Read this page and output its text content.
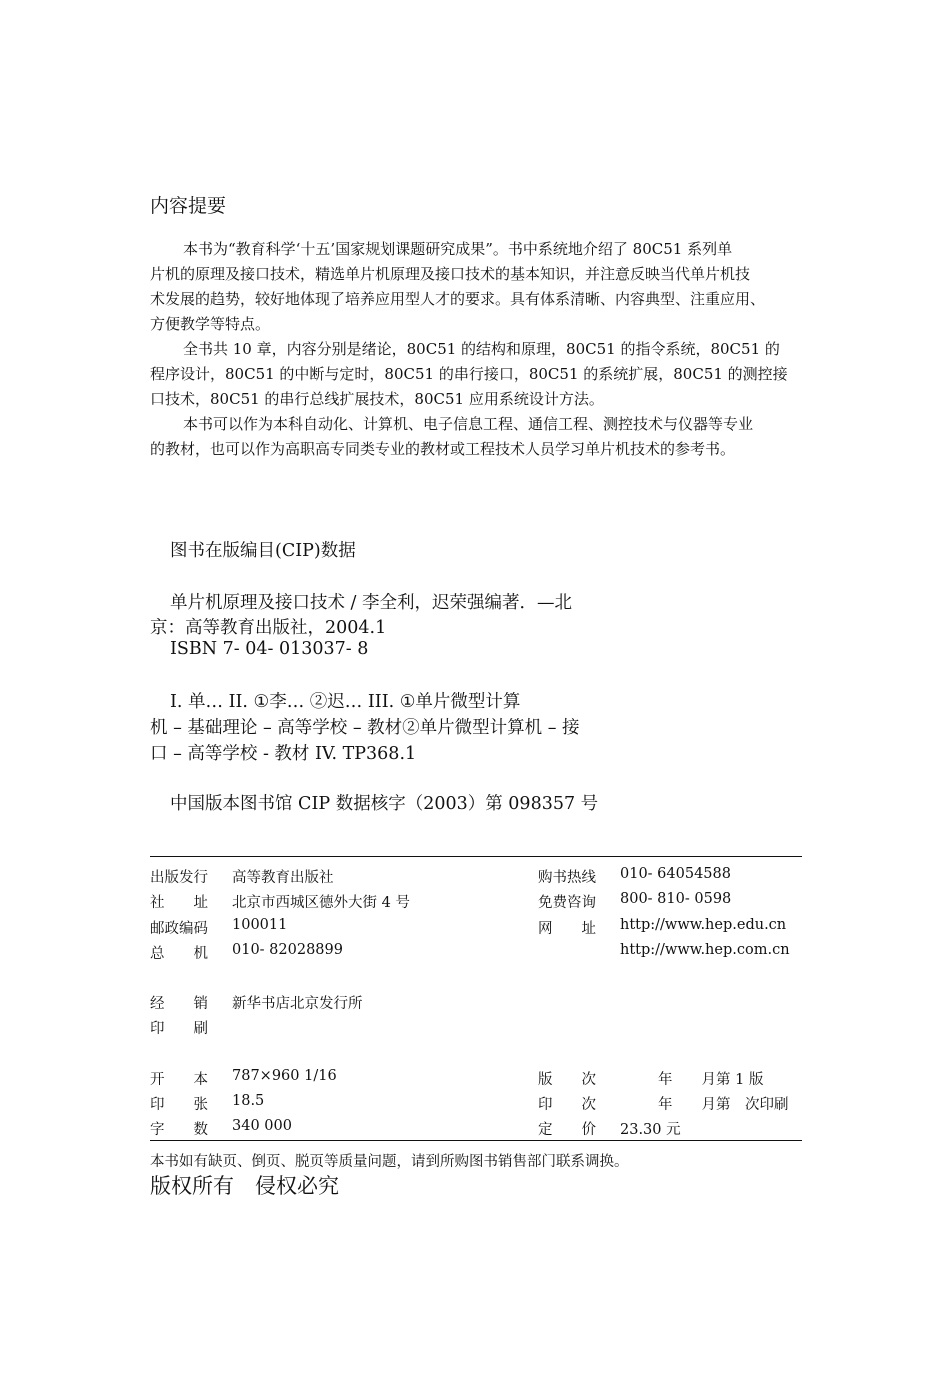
内容提要
本书为“教育科学‘十五’国家规划课题研究成果”。书中系统地介绍了 80C51 系列单
片机的原理及接口技术，精选单片机原理及接口技术的基本知识，并注意反映当代单片机技
术发展的趋势，较好地体现了培养应用型人才的要求。具有体系清晰、内容典型、注重应用、
方便教学等特点。
全书共 10 章，内容分别是绪论，80C51 的结构和原理，80C51 的指令系统，80C51 的
程序设计，80C51 的中断与定时，80C51 的串行接口，80C51 的系统扩展，80C51 的测控接
口技术，80C51 的串行总线扩展技术，80C51 应用系统设计方法。
本书可以作为本科自动化、计算机、电子信息工程、通信工程、测控技术与仪器等专业
的教材，也可以作为高职高专同类专业的教材或工程技术人员学习单片机技术的参考书。
图书在版编目(CIP)数据
单片机原理及接口技术 / 李全利，迟荣强编著．—北
京：高等教育出版社，2004.1
ISBN 7- 04- 013037- 8
I. 单… II. ①李… ②迟… III. ①单片微型计算
机 – 基础理论 – 高等学校 – 教材②单片微型计算机 – 接
口 – 高等学校 - 教材 IV. TP368.1
中国版本图书馆 CIP 数据核字（2003）第 098357 号
出版发行 高等教育出版社
社　　址 北京市西城区德外大街 4 号
邮政编码 100011
总　　机 010- 82028899
经　　销 新华书店北京发行所
印　　刷
开　　本 787×960 1/16
印　　张 18.5
字　　数 340 000
购书热线 010- 64054588
免费咨询 800- 810- 0598
网　　址 http://www.hep.edu.cn
http://www.hep.com.cn
版　　次	年　　月第 1 版
印　　次	年　　月第　次印刷
定　　价 23.30 元
本书如有缺页、倒页、脱页等质量问题，请到所购图书销售部门联系调换。
版权所有　侵权必究
